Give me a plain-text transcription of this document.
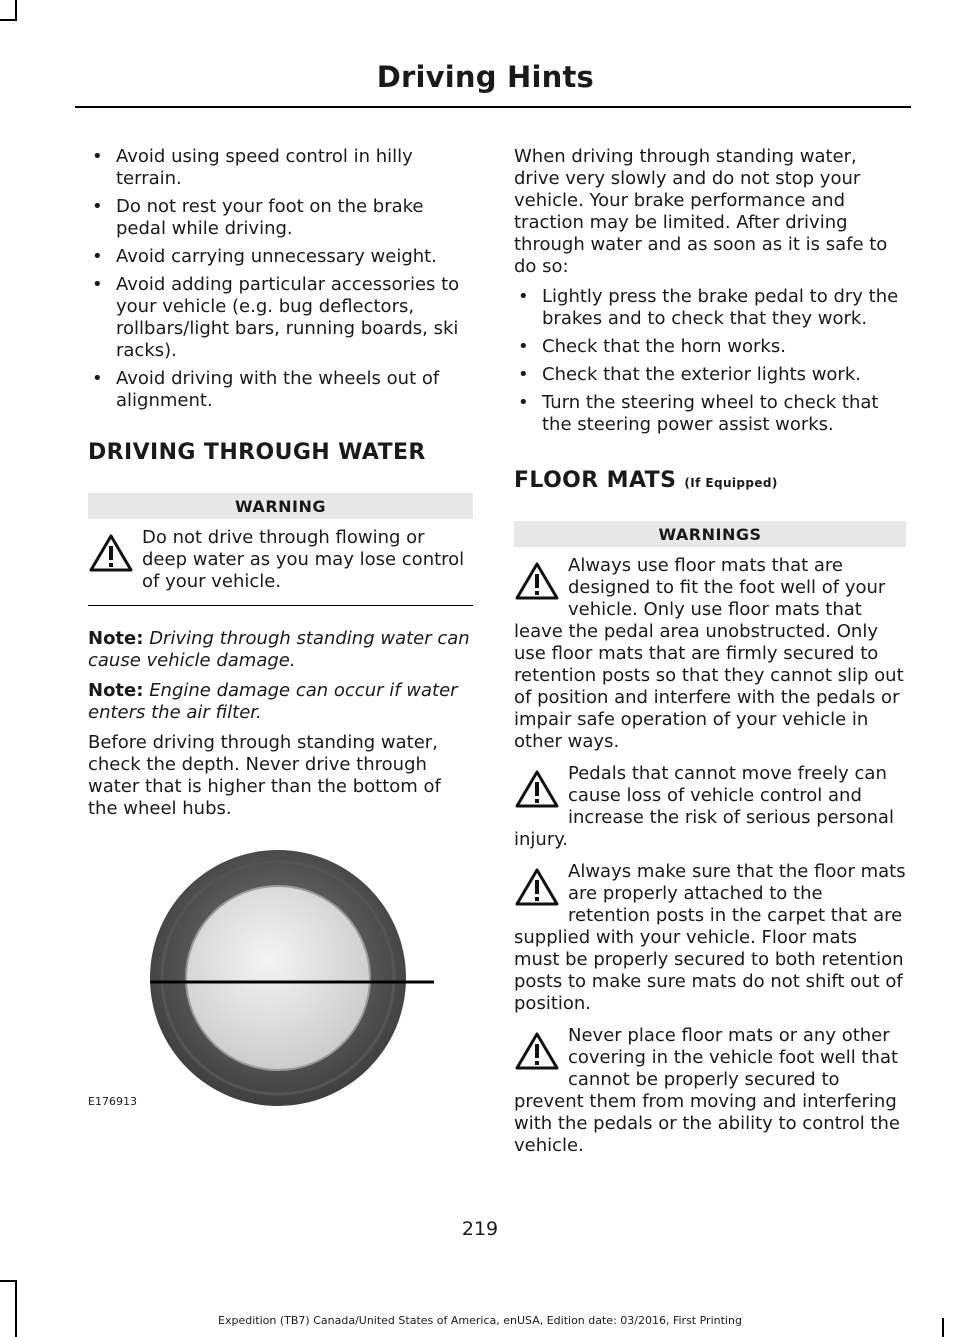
Driving Hints
• Avoid using speed control in hilly terrain.
• Do not rest your foot on the brake pedal while driving.
• Avoid carrying unnecessary weight.
• Avoid adding particular accessories to your vehicle (e.g. bug deflectors, rollbars/light bars, running boards, ski racks).
• Avoid driving with the wheels out of alignment.
DRIVING THROUGH WATER
WARNING
Do not drive through flowing or deep water as you may lose control of your vehicle.

Note: Driving through standing water can cause vehicle damage.

Note: Engine damage can occur if water enters the air filter.

Before driving through standing water, check the depth. Never drive through water that is higher than the bottom of the wheel hubs.

E176913

When driving through standing water, drive very slowly and do not stop your vehicle. Your brake performance and traction may be limited. After driving through water and as soon as it is safe to do so:

• Lightly press the brake pedal to dry the brakes and to check that they work.
• Check that the horn works.
• Check that the exterior lights work.
• Turn the steering wheel to check that the steering power assist works.
FLOOR MATS (If Equipped)
WARNINGS
Always use floor mats that are designed to fit the foot well of your vehicle. Only use floor mats that leave the pedal area unobstructed. Only use floor mats that are firmly secured to retention posts so that they cannot slip out of position and interfere with the pedals or impair safe operation of your vehicle in other ways.
Pedals that cannot move freely can cause loss of vehicle control and increase the risk of serious personal injury.
Always make sure that the floor mats are properly attached to the retention posts in the carpet that are supplied with your vehicle. Floor mats must be properly secured to both retention posts to make sure mats do not shift out of position.
Never place floor mats or any other covering in the vehicle foot well that cannot be properly secured to prevent them from moving and interfering with the pedals or the ability to control the vehicle.
219
Expedition (TB7) Canada/United States of America, enUSA, Edition date: 03/2016, First Printing
